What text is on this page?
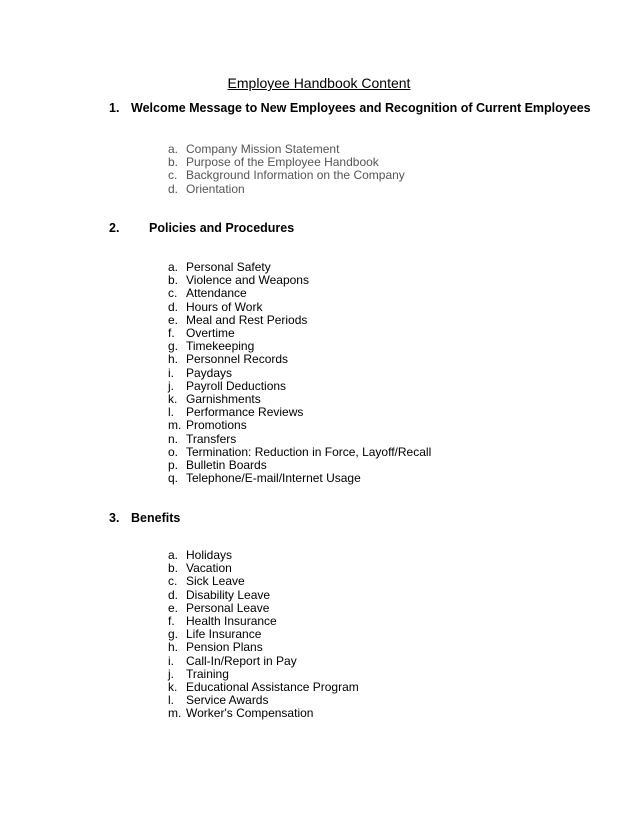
Employee Handbook Content
1. Welcome Message to New Employees and Recognition of Current Employees
a. Company Mission Statement
b. Purpose of the Employee Handbook
c. Background Information on the Company
d. Orientation
2. Policies and Procedures
a. Personal Safety
b. Violence and Weapons
c. Attendance
d. Hours of Work
e. Meal and Rest Periods
f. Overtime
g. Timekeeping
h. Personnel Records
i.	Paydays
j.	Payroll Deductions
k. Garnishments
l.	Performance Reviews
m. Promotions
n. Transfers
o. Termination: Reduction in Force, Layoff/Recall
p. Bulletin Boards
q. Telephone/E-mail/Internet Usage
3. Benefits
a. Holidays
b. Vacation
c. Sick Leave
d. Disability Leave
e. Personal Leave
f. Health Insurance
g. Life Insurance
h. Pension Plans
i.	Call-In/Report in Pay
j.	Training
k. Educational Assistance Program
l.	Service Awards
m. Worker's Compensation
